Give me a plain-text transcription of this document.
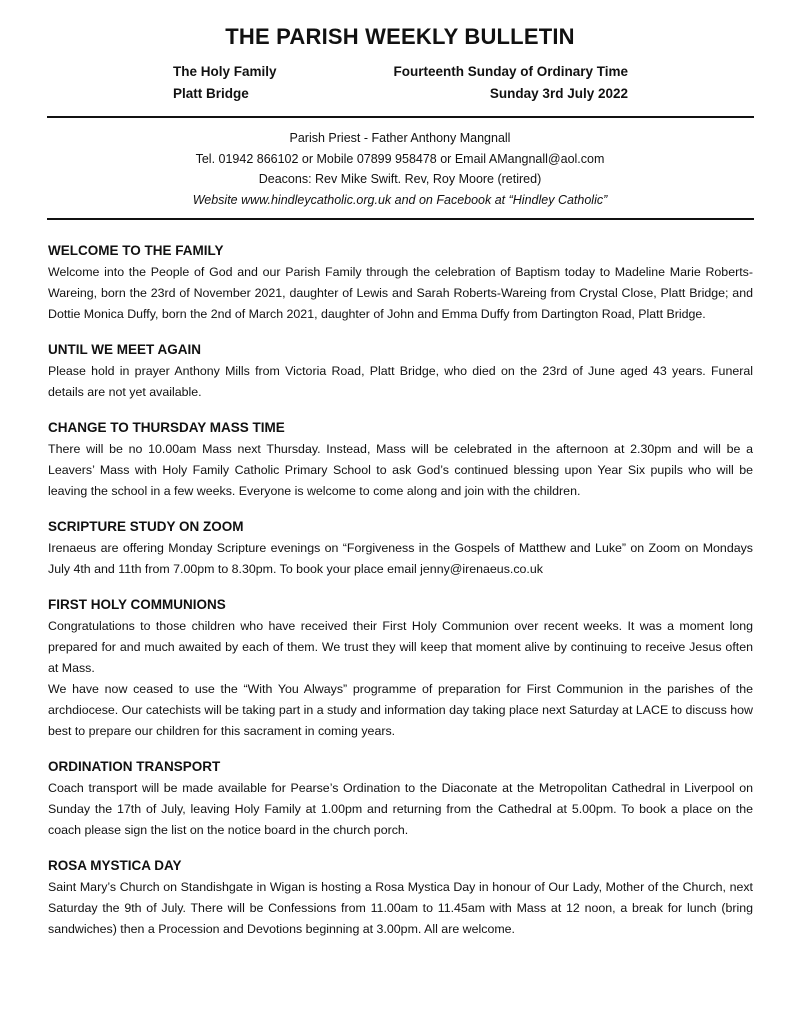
THE PARISH WEEKLY BULLETIN
The Holy Family
Platt Bridge
Fourteenth Sunday of Ordinary Time
Sunday 3rd July 2022
Parish Priest - Father Anthony Mangnall
Tel. 01942 866102 or Mobile 07899 958478 or Email AMangnall@aol.com
Deacons: Rev Mike Swift. Rev, Roy Moore (retired)
Website www.hindleycatholic.org.uk and on Facebook at “Hindley Catholic”
WELCOME TO THE FAMILY

Welcome into the People of God and our Parish Family through the celebration of Baptism today to Madeline Marie Roberts-Wareing, born the 23rd of November 2021, daughter of Lewis and Sarah Roberts-Wareing from Crystal Close, Platt Bridge; and Dottie Monica Duffy, born the 2nd of March 2021, daughter of John and Emma Duffy from Dartington Road, Platt Bridge.

UNTIL WE MEET AGAIN

Please hold in prayer Anthony Mills from Victoria Road, Platt Bridge, who died on the 23rd of June aged 43 years. Funeral details are not yet available.

CHANGE TO THURSDAY MASS TIME

There will be no 10.00am Mass next Thursday. Instead, Mass will be celebrated in the afternoon at 2.30pm and will be a Leavers’ Mass with Holy Family Catholic Primary School to ask God’s continued blessing upon Year Six pupils who will be leaving the school in a few weeks. Everyone is welcome to come along and join with the children.

SCRIPTURE STUDY ON ZOOM

Irenaeus are offering Monday Scripture evenings on “Forgiveness in the Gospels of Matthew and Luke” on Zoom on Mondays July 4th and 11th from 7.00pm to 8.30pm. To book your place email jenny@irenaeus.co.uk

FIRST HOLY COMMUNIONS

Congratulations to those children who have received their First Holy Communion over recent weeks. It was a moment long prepared for and much awaited by each of them. We trust they will keep that moment alive by continuing to receive Jesus often at Mass.

We have now ceased to use the “With You Always” programme of preparation for First Communion in the parishes of the archdiocese. Our catechists will be taking part in a study and information day taking place next Saturday at LACE to discuss how best to prepare our children for this sacrament in coming years.

ORDINATION TRANSPORT

Coach transport will be made available for Pearse’s Ordination to the Diaconate at the Metropolitan Cathedral in Liverpool on Sunday the 17th of July, leaving Holy Family at 1.00pm and returning from the Cathedral at 5.00pm. To book a place on the coach please sign the list on the notice board in the church porch.

ROSA MYSTICA DAY

Saint Mary’s Church on Standishgate in Wigan is hosting a Rosa Mystica Day in honour of Our Lady, Mother of the Church, next Saturday the 9th of July. There will be Confessions from 11.00am to 11.45am with Mass at 12 noon, a break for lunch (bring sandwiches) then a Procession and Devotions beginning at 3.00pm. All are welcome.
